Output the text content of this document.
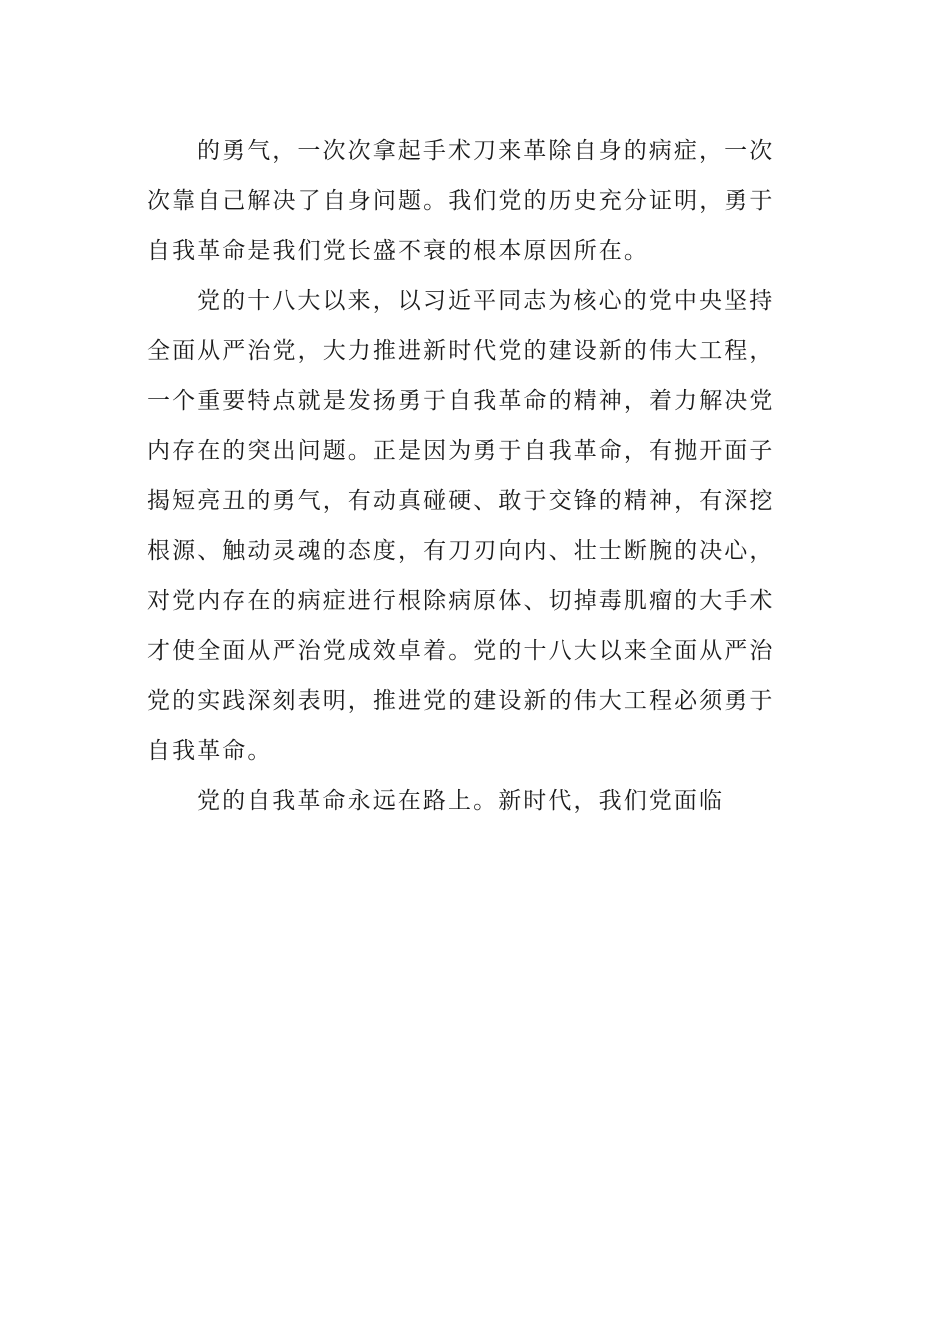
的勇气，一次次拿起手术刀来革除自身的病症，一次
次靠自己解决了自身问题。我们党的历史充分证明，勇于
自我革命是我们党长盛不衰的根本原因所在。
党的十八大以来，以习近平同志为核心的党中央坚持
全面从严治党，大力推进新时代党的建设新的伟大工程，
一个重要特点就是发扬勇于自我革命的精神，着力解决党
内存在的突出问题。正是因为勇于自我革命，有抛开面子
揭短亮丑的勇气，有动真碰硬、敢于交锋的精神，有深挖
根源、触动灵魂的态度，有刀刃向内、壮士断腕的决心，
对党内存在的病症进行根除病原体、切掉毒肌瘤的大手术
才使全面从严治党成效卓着。党的十八大以来全面从严治
党的实践深刻表明，推进党的建设新的伟大工程必须勇于
自我革命。
党的自我革命永远在路上。新时代，我们党面临
